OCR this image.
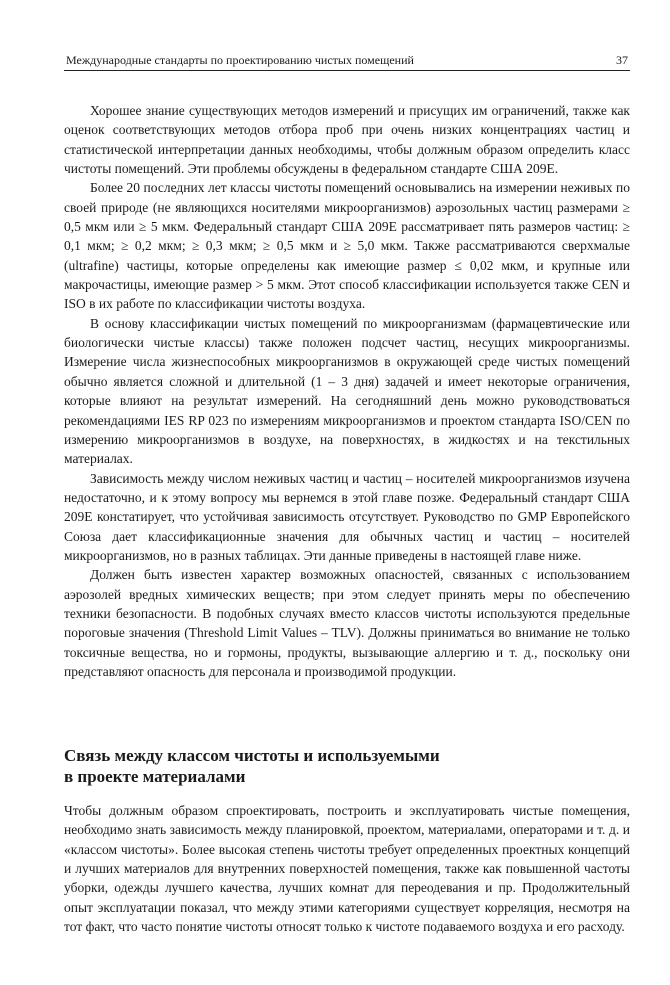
Международные стандарты по проектированию чистых помещений	37

Хорошее знание существующих методов измерений и присущих им ограничений, также как оценок соответствующих методов отбора проб при очень низких концентрациях частиц и статистической интерпретации данных необходимы, чтобы должным образом определить класс чистоты помещений. Эти проблемы обсуждены в федеральном стандарте США 209Е.

Более 20 последних лет классы чистоты помещений основывались на измерении неживых по своей природе (не являющихся носителями микроорганизмов) аэрозольных частиц размерами ≥ 0,5 мкм или ≥ 5 мкм. Федеральный стандарт США 209Е рассматривает пять размеров частиц: ≥ 0,1 мкм; ≥ 0,2 мкм; ≥ 0,3 мкм; ≥ 0,5 мкм и ≥ 5,0 мкм. Также рассматриваются сверхмалые (ultrafine) частицы, которые определены как имеющие размер ≤ 0,02 мкм, и крупные или макрочастицы, имеющие размер > 5 мкм. Этот способ классификации используется также CEN и ISO в их работе по классификации чистоты воздуха.

В основу классификации чистых помещений по микроорганизмам (фармацевтические или биологически чистые классы) также положен подсчет частиц, несущих микроорганизмы. Измерение числа жизнеспособных микроорганизмов в окружающей среде чистых помещений обычно является сложной и длительной (1 – 3 дня) задачей и имеет некоторые ограничения, которые влияют на результат измерений. На сегодняшний день можно руководствоваться рекомендациями IES RP 023 по измерениям микроорганизмов и проектом стандарта ISO/CEN по измерению микроорганизмов в воздухе, на поверхностях, в жидкостях и на текстильных материалах.

Зависимость между числом неживых частиц и частиц – носителей микроорганизмов изучена недостаточно, и к этому вопросу мы вернемся в этой главе позже. Федеральный стандарт США 209Е констатирует, что устойчивая зависимость отсутствует. Руководство по GMP Европейского Союза дает классификационные значения для обычных частиц и частиц – носителей микроорганизмов, но в разных таблицах. Эти данные приведены в настоящей главе ниже.

Должен быть известен характер возможных опасностей, связанных с использованием аэрозолей вредных химических веществ; при этом следует принять меры по обеспечению техники безопасности. В подобных случаях вместо классов чистоты используются предельные пороговые значения (Threshold Limit Values – TLV). Должны приниматься во внимание не только токсичные вещества, но и гормоны, продукты, вызывающие аллергию и т. д., поскольку они представляют опасность для персонала и производимой продукции.

Связь между классом чистоты и используемыми
в проекте материалами

Чтобы должным образом спроектировать, построить и эксплуатировать чистые помещения, необходимо знать зависимость между планировкой, проектом, материалами, операторами и т. д. и «классом чистоты». Более высокая степень чистоты требует определенных проектных концепций и лучших материалов для внутренних поверхностей помещения, также как повышенной частоты уборки, одежды лучшего качества, лучших комнат для переодевания и пр. Продолжительный опыт эксплуатации показал, что между этими категориями существует корреляция, несмотря на тот факт, что часто понятие чистоты относят только к чистоте подаваемого воздуха и его расходу.
